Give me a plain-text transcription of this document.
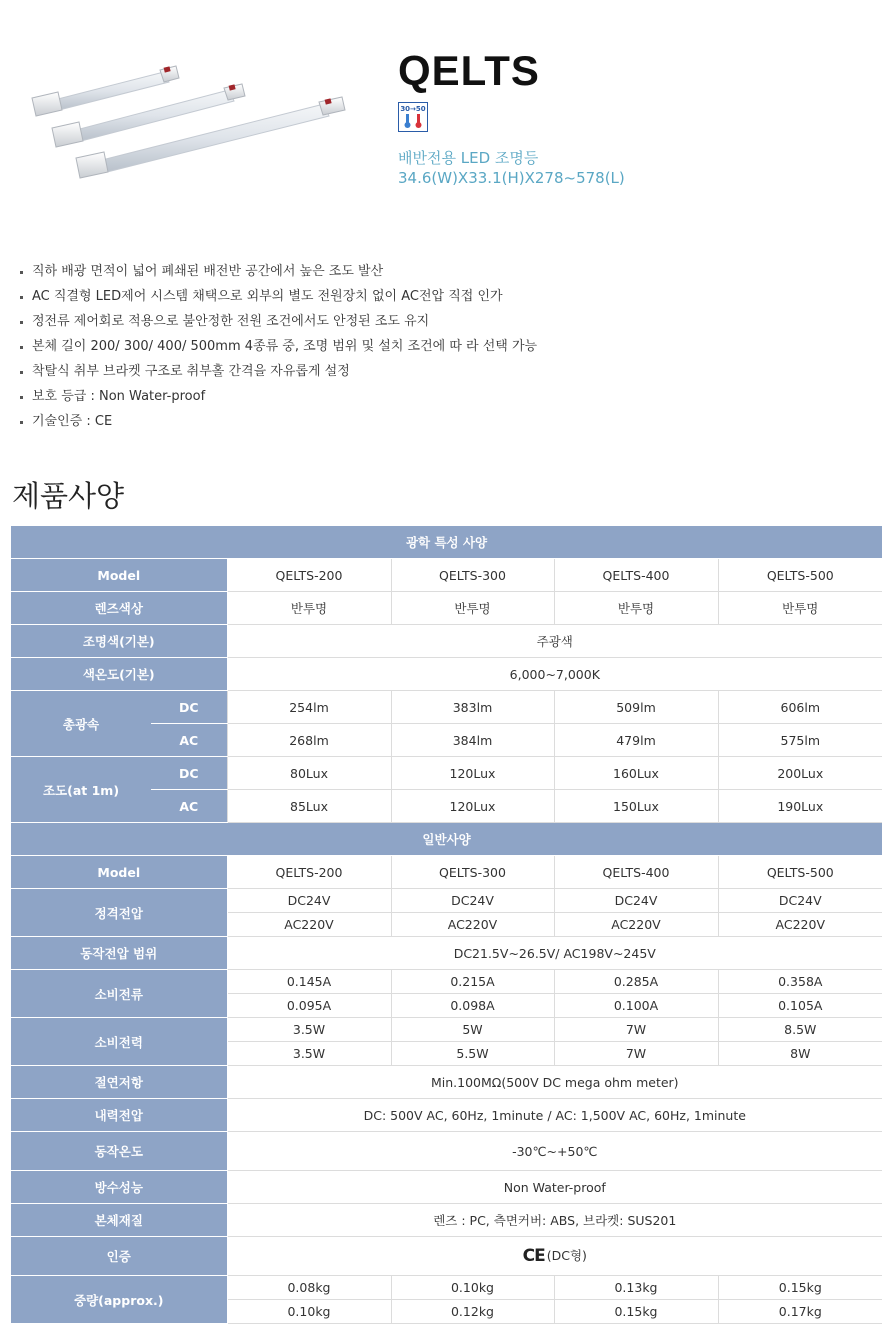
QELTS
30→50
배반전용 LED 조명등
34.6(W)X33.1(H)X278~578(L)
직하 배광 면적이 넓어 폐쇄된 배전반 공간에서 높은 조도 발산
AC 직결형 LED제어 시스템 채택으로 외부의 별도 전원장치 없이 AC전압 직접 인가
정전류 제어회로 적용으로 불안정한 전원 조건에서도 안정된 조도 유지
본체 길이 200/ 300/ 400/ 500mm 4종류 중, 조명 범위 및 설치 조건에 따 라 선택 가능
착탈식 취부 브라켓 구조로 취부홀 간격을 자유롭게 설정
보호 등급 : Non Water-proof
기술인증 : CE
제품사양
광학 특성 사양					
Model		QELTS-200	QELTS-300	QELTS-400	QELTS-500
렌즈색상		반투명	반투명	반투명	반투명
조명색(기본)		주광색			
색온도(기본)		6,000~7,000K			
총광속	DC	254lm	383lm	509lm	606lm
	AC	268lm	384lm	479lm	575lm
조도(at 1m)	DC	80Lux	120Lux	160Lux	200Lux
	AC	85Lux	120Lux	150Lux	190Lux
일반사양					
Model		QELTS-200	QELTS-300	QELTS-400	QELTS-500
정격전압		DC24V	DC24V	DC24V	DC24V
		AC220V	AC220V	AC220V	AC220V
동작전압 범위		DC21.5V~26.5V/ AC198V~245V			
소비전류		0.145A	0.215A	0.285A	0.358A
		0.095A	0.098A	0.100A	0.105A
소비전력		3.5W	5W	7W	8.5W
		3.5W	5.5W	7W	8W
절연저항		Min.100MΩ(500V DC mega ohm meter)			
내력전압		DC: 500V AC, 60Hz, 1minute / AC: 1,500V AC, 60Hz, 1minute			
동작온도		-30℃~+50℃			
방수성능		Non Water-proof			
본체재질		렌즈 : PC, 측면커버: ABS, 브라켓: SUS201			
인증		CE (DC형)			

중량(approx.)		0.08kg	0.10kg	0.13kg	0.15kg
		0.10kg	0.12kg	0.15kg	0.17kg
